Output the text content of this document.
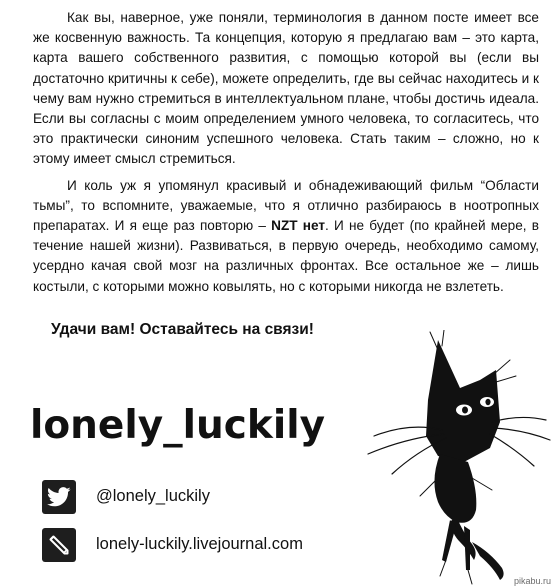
Как вы, наверное, уже поняли, терминология в данном посте имеет все же косвенную важность. Та концепция, которую я предлагаю вам – это карта, карта вашего собственного развития, с помощью которой вы (если вы достаточно критичны к себе), можете определить, где вы сейчас находитесь и к чему вам нужно стремиться в интеллектуальном плане, чтобы достичь идеала. Если вы согласны с моим определением умного человека, то согласитесь, что это практически синоним успешного человека. Стать таким – сложно, но к этому имеет смысл стремиться.

И коль уж я упомянул красивый и обнадеживающий фильм “Области тьмы”, то вспомните, уважаемые, что я отлично разбираюсь в ноотропных препаратах. И я еще раз повторю – NZT нет. И не будет (по крайней мере, в течение нашей жизни). Развиваться, в первую очередь, необходимо самому, усердно качая свой мозг на различных фронтах. Все остальное же – лишь костыли, с которыми можно ковылять, но с которыми никогда не взлететь.

Удачи вам! Оставайтесь на связи!
lonely_luckily
@lonely_luckily
lonely-luckily.livejournal.com
pikabu.ru
